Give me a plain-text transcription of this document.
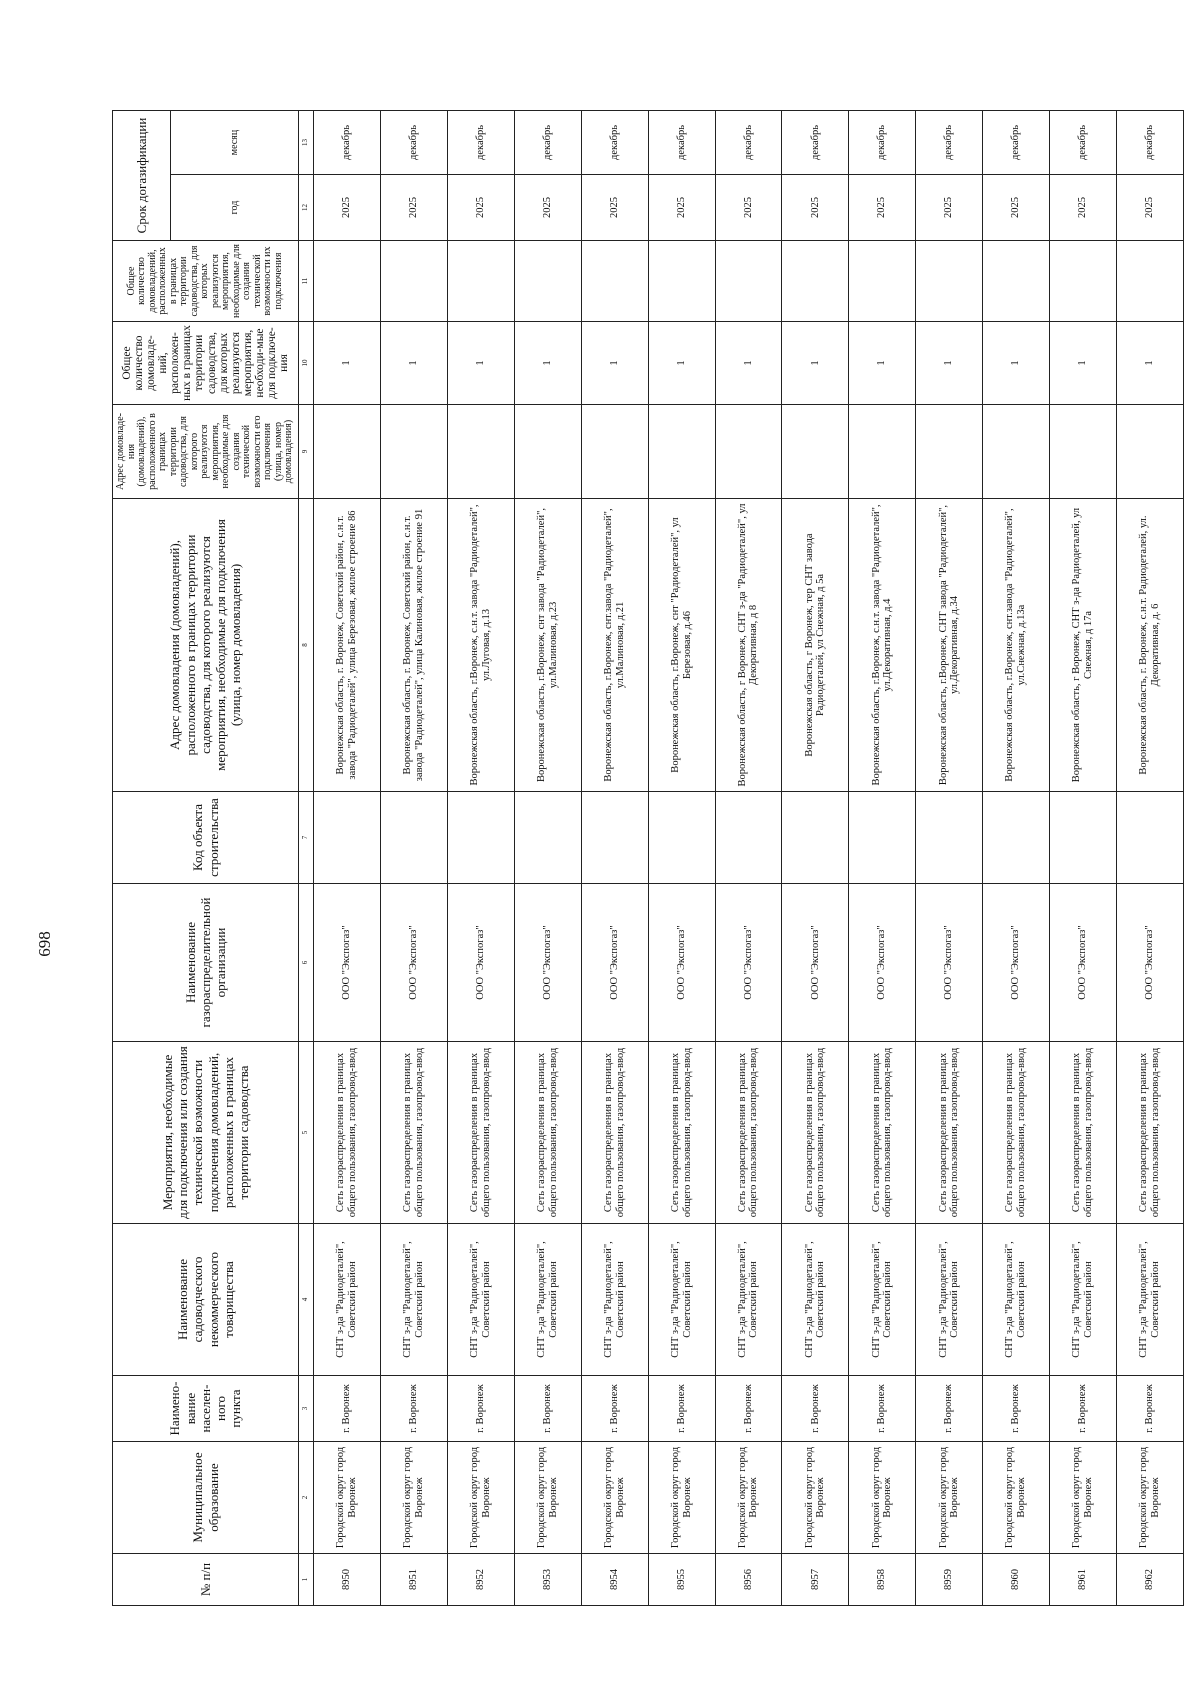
698
№ п/п	Муниципальное образование	Наимено-вание населен-ного пункта	Наименование садоводческого некоммерческого товарищества	Мероприятия, необходимые для подключения или создания технической возможности подключения домовладений, расположенных в границах территории садоводства	Наименование газораспределительной организации	Код объекта строительства	Адрес домовладения (домовладений), расположенного в границах территории садоводства, для которого реализуются мероприятия, необходимые для подключения (улица, номер домовладения)	Адрес домовладе-ния (домовладений), расположенного в границах территории садоводства, для которого реализуются мероприятия, необходимые для создания технической возможности его подключения (улица, номер домовладения)	Общее количество домовладе-ний, расположен-ных в границах территории садоводства, для которых реализуются мероприятия, необходи-мые для подключе-ния	Общее количество домовладений, расположенных в границах территории садоводства, для которых реализуются мероприятия, необходимые для создания технической возможности их подключения	Срок догазификации	
											год	месяц
1	2	3	4	5	6	7	8	9	10	11	12	13
8950	Городской округ город Воронеж	г. Воронеж	СНТ з-да "Радиодеталей", Советский район	Сеть газораспределения в границах общего пользования, газопровод-ввод	ООО "Экспогаз"		Воронежская область, г. Воронеж, Советский район, с.н.т. завода "Радиодеталей", улица Березовая, жилое строение 86		1		2025	декабрь
8951	Городской округ город Воронеж	г. Воронеж	СНТ з-да "Радиодеталей", Советский район	Сеть газораспределения в границах общего пользования, газопровод-ввод	ООО "Экспогаз"		Воронежская область, г. Воронеж, Советский район, с.н.т. завода "Радиодеталей", улица Калиновая, жилое строение 91		1		2025	декабрь
8952	Городской округ город Воронеж	г. Воронеж	СНТ з-да "Радиодеталей", Советский район	Сеть газораспределения в границах общего пользования, газопровод-ввод	ООО "Экспогаз"		Воронежская область, г.Воронеж, с.н.т. завода "Радиодеталей", ул.Луговая, д.13		1		2025	декабрь
8953	Городской округ город Воронеж	г. Воронеж	СНТ з-да "Радиодеталей", Советский район	Сеть газораспределения в границах общего пользования, газопровод-ввод	ООО "Экспогаз"		Воронежская область, г.Воронеж, снт завода "Радиодеталей", ул.Малиновая, д.23		1		2025	декабрь
8954	Городской округ город Воронеж	г. Воронеж	СНТ з-да "Радиодеталей", Советский район	Сеть газораспределения в границах общего пользования, газопровод-ввод	ООО "Экспогаз"		Воронежская область, г.Воронеж, снт.завода "Радиодеталей", ул.Малиновая, д.21		1		2025	декабрь
8955	Городской округ город Воронеж	г. Воронеж	СНТ з-да "Радиодеталей", Советский район	Сеть газораспределения в границах общего пользования, газопровод-ввод	ООО "Экспогаз"		Воронежская область, г.Воронеж, снт "Радиодеталей", ул Березовая, д.46		1		2025	декабрь
8956	Городской округ город Воронеж	г. Воронеж	СНТ з-да "Радиодеталей", Советский район	Сеть газораспределения в границах общего пользования, газопровод-ввод	ООО "Экспогаз"		Воронежская область, г Воронеж, СНТ з-да "Радиодеталей", ул Декоративная, д 8		1		2025	декабрь
8957	Городской округ город Воронеж	г. Воронеж	СНТ з-да "Радиодеталей", Советский район	Сеть газораспределения в границах общего пользования, газопровод-ввод	ООО "Экспогаз"		Воронежская область, г Воронеж, тер СНТ завода Радиодеталей, ул Снежная, д 5а		1		2025	декабрь
8958	Городской округ город Воронеж	г. Воронеж	СНТ з-да "Радиодеталей", Советский район	Сеть газораспределения в границах общего пользования, газопровод-ввод	ООО "Экспогаз"		Воронежская область, г.Воронеж, с.н.т. завода "Радиодеталей", ул.Декоративная, д.4		1		2025	декабрь
8959	Городской округ город Воронеж	г. Воронеж	СНТ з-да "Радиодеталей", Советский район	Сеть газораспределения в границах общего пользования, газопровод-ввод	ООО "Экспогаз"		Воронежская область, г.Воронеж, СНТ завода "Радиодеталей", ул.Декоративная, д.34		1		2025	декабрь
8960	Городской округ город Воронеж	г. Воронеж	СНТ з-да "Радиодеталей", Советский район	Сеть газораспределения в границах общего пользования, газопровод-ввод	ООО "Экспогаз"		Воронежская область, г.Воронеж, снт.завода "Радиодеталей", ул.Снежная, д.13а		1		2025	декабрь
8961	Городской округ город Воронеж	г. Воронеж	СНТ з-да "Радиодеталей", Советский район	Сеть газораспределения в границах общего пользования, газопровод-ввод	ООО "Экспогаз"		Воронежская область, г Воронеж, СНТ з-да Радиодеталей, ул Снежная, д 17а		1		2025	декабрь
8962	Городской округ город Воронеж	г. Воронеж	СНТ з-да "Радиодеталей", Советский район	Сеть газораспределения в границах общего пользования, газопровод-ввод	ООО "Экспогаз"		Воронежская область, г. Воронеж, с.н.т. Радиодеталей, ул. Декоративная, д. 6		1		2025	декабрь
